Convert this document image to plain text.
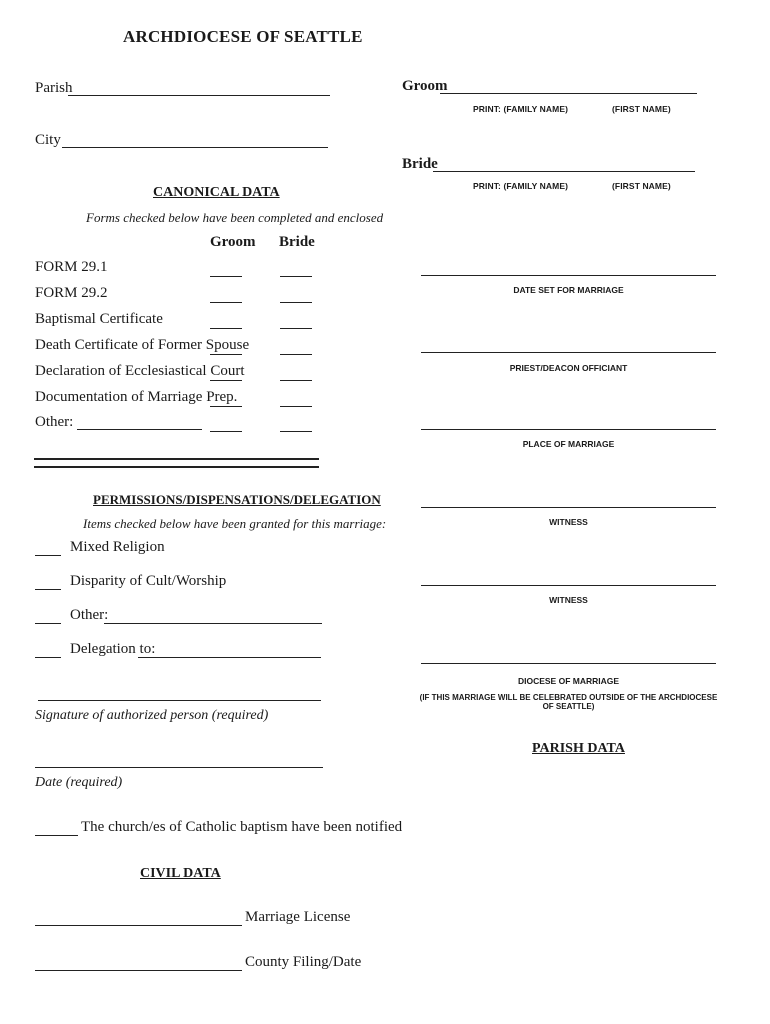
ARCHDIOCESE OF SEATTLE
Parish
City
CANONICAL DATA
Forms checked below have been completed and enclosed
Groom Bride
FORM 29.1
FORM 29.2
Baptismal Certificate
Death Certificate of Former Spouse
Declaration of Ecclesiastical Court
Documentation of Marriage Prep.
Other:
PERMISSIONS/DISPENSATIONS/DELEGATION
Items checked below have been granted for this marriage:
Mixed Religion
Disparity of Cult/Worship
Other:
Delegation to:
Signature of authorized person (required)
Date (required)
The church/es of Catholic baptism have been notified
CIVIL DATA
Marriage License
County Filing/Date
Groom
PRINT: (FAMILY NAME)	(FIRST NAME)
Bride
PRINT: (FAMILY NAME)	(FIRST NAME)
DATE SET FOR MARRIAGE
PRIEST/DEACON OFFICIANT
PLACE OF MARRIAGE
WITNESS
WITNESS
DIOCESE OF MARRIAGE
(IF THIS MARRIAGE WILL BE CELEBRATED OUTSIDE OF THE ARCHDIOCESE OF SEATTLE)
PARISH DATA
